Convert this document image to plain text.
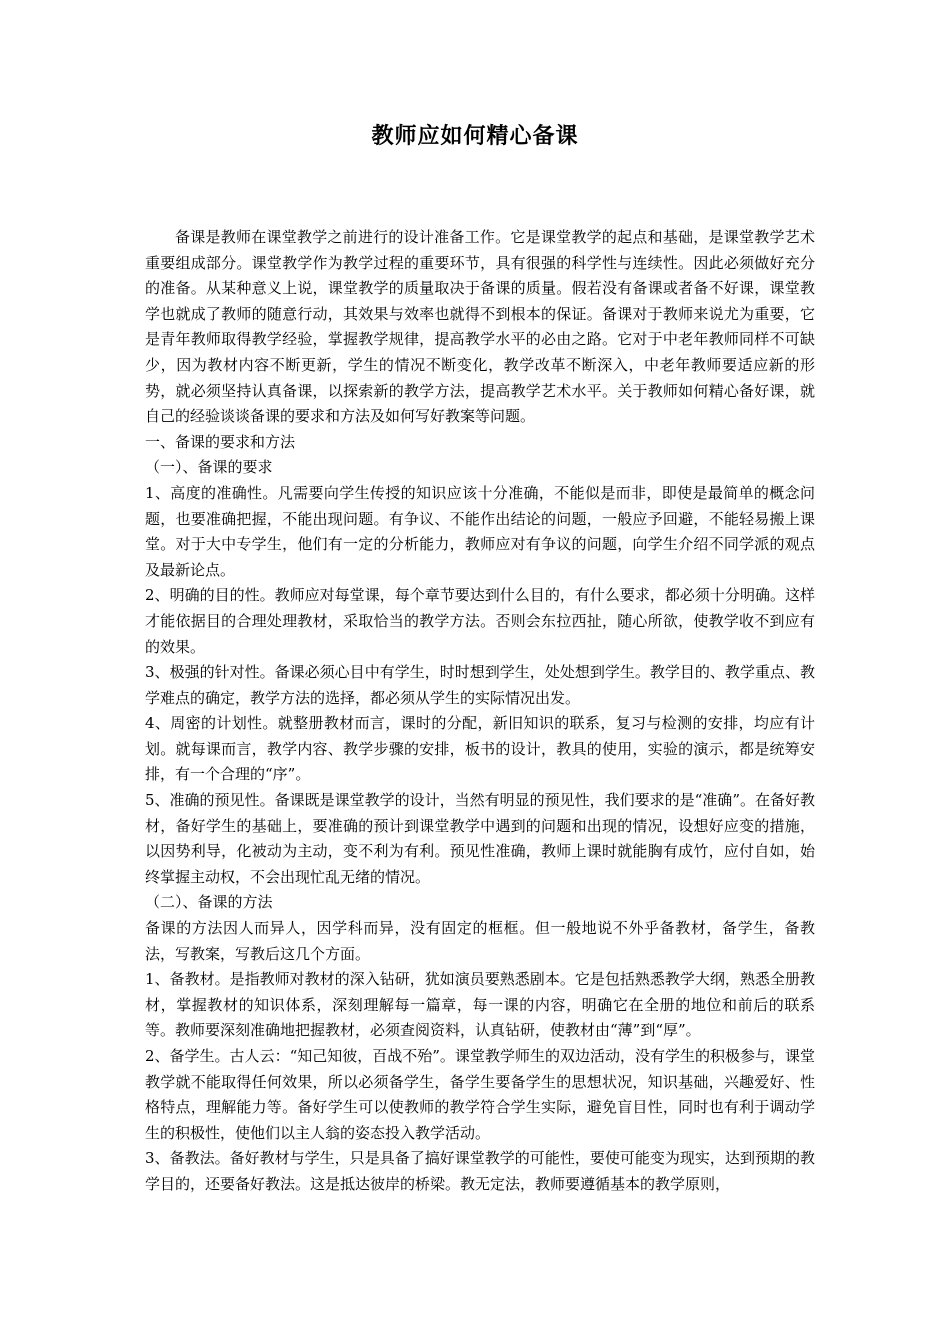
教师应如何精心备课

备课是教师在课堂教学之前进行的设计准备工作。它是课堂教学的起点和基础，是课堂教学艺术重要组成部分。课堂教学作为教学过程的重要环节，具有很强的科学性与连续性。因此必须做好充分的准备。从某种意义上说，课堂教学的质量取决于备课的质量。假若没有备课或者备不好课，课堂教学也就成了教师的随意行动，其效果与效率也就得不到根本的保证。备课对于教师来说尤为重要，它是青年教师取得教学经验，掌握教学规律，提高教学水平的必由之路。它对于中老年教师同样不可缺少，因为教材内容不断更新，学生的情况不断变化，教学改革不断深入，中老年教师要适应新的形势，就必须坚持认真备课，以探索新的教学方法，提高教学艺术水平。关于教师如何精心备好课，就自己的经验谈谈备课的要求和方法及如何写好教案等问题。

一、备课的要求和方法

（一）、备课的要求

1、高度的准确性。凡需要向学生传授的知识应该十分准确，不能似是而非，即使是最简单的概念问题，也要准确把握，不能出现问题。有争议、不能作出结论的问题，一般应予回避，不能轻易搬上课堂。对于大中专学生，他们有一定的分析能力，教师应对有争议的问题，向学生介绍不同学派的观点及最新论点。

2、明确的目的性。教师应对每堂课，每个章节要达到什么目的，有什么要求，都必须十分明确。这样才能依据目的合理处理教材，采取恰当的教学方法。否则会东拉西扯，随心所欲，使教学收不到应有的效果。

3、极强的针对性。备课必须心目中有学生，时时想到学生，处处想到学生。教学目的、教学重点、教学难点的确定，教学方法的选择，都必须从学生的实际情况出发。

4、周密的计划性。就整册教材而言，课时的分配，新旧知识的联系，复习与检测的安排，均应有计划。就每课而言，教学内容、教学步骤的安排，板书的设计，教具的使用，实验的演示，都是统筹安排，有一个合理的“序”。

5、准确的预见性。备课既是课堂教学的设计，当然有明显的预见性，我们要求的是“准确”。在备好教材，备好学生的基础上，要准确的预计到课堂教学中遇到的问题和出现的情况，设想好应变的措施，以因势利导，化被动为主动，变不利为有利。预见性准确，教师上课时就能胸有成竹，应付自如，始终掌握主动权，不会出现忙乱无绪的情况。

（二）、备课的方法

备课的方法因人而异人，因学科而异，没有固定的框框。但一般地说不外乎备教材，备学生，备教法，写教案，写教后这几个方面。

1、备教材。是指教师对教材的深入钻研，犹如演员要熟悉剧本。它是包括熟悉教学大纲，熟悉全册教材，掌握教材的知识体系，深刻理解每一篇章，每一课的内容，明确它在全册的地位和前后的联系等。教师要深刻准确地把握教材，必须查阅资料，认真钻研，使教材由“薄”到“厚”。

2、备学生。古人云：“知己知彼，百战不殆”。课堂教学师生的双边活动，没有学生的积极参与，课堂教学就不能取得任何效果，所以必须备学生，备学生要备学生的思想状况，知识基础，兴趣爱好、性格特点，理解能力等。备好学生可以使教师的教学符合学生实际，避免盲目性，同时也有利于调动学生的积极性，使他们以主人翁的姿态投入教学活动。

3、备教法。备好教材与学生，只是具备了搞好课堂教学的可能性，要使可能变为现实，达到预期的教学目的，还要备好教法。这是抵达彼岸的桥梁。教无定法，教师要遵循基本的教学原则，
